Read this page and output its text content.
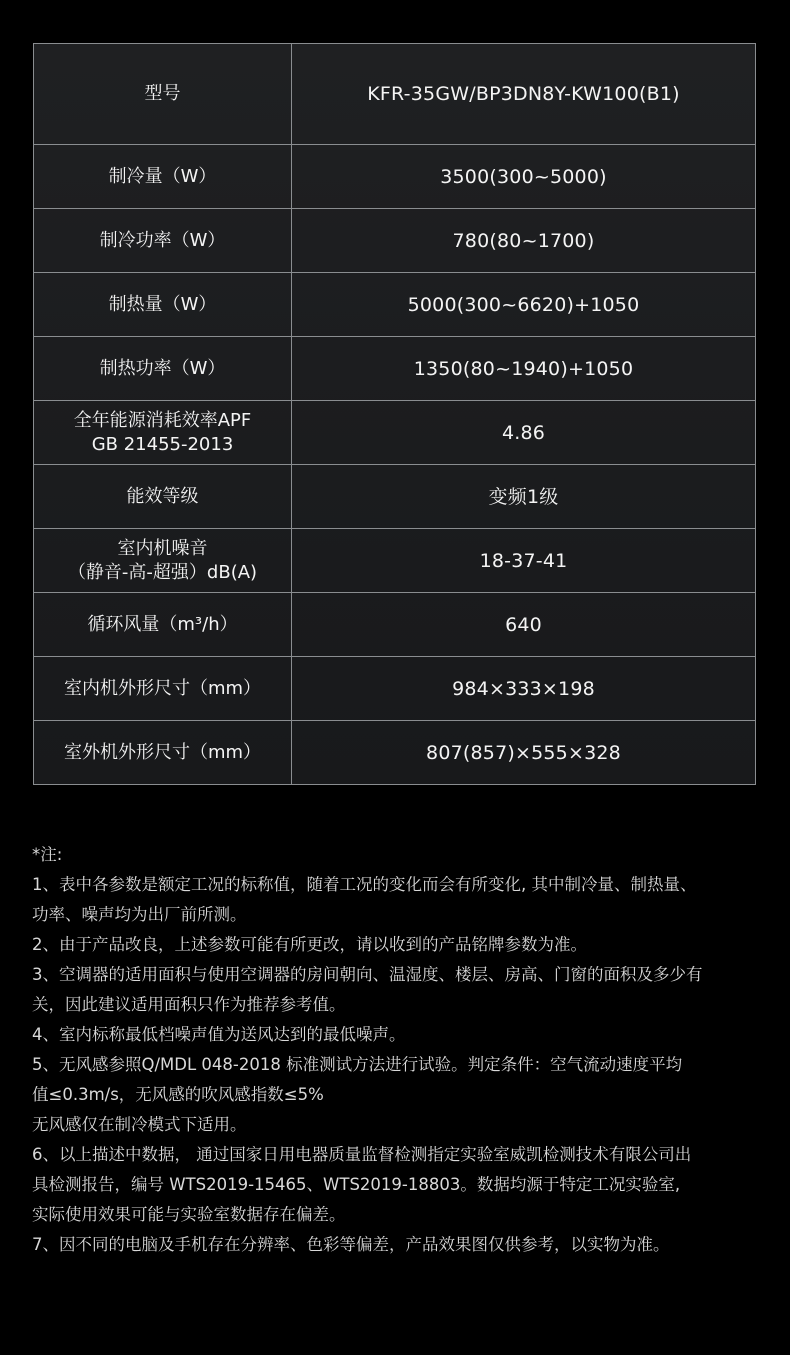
型号	KFR-35GW/BP3DN8Y-KW100(B1)

制冷量（W）	3500(300~5000)

制冷功率（W）	780(80~1700)

制热量（W）	5000(300~6620)+1050

制热功率（W）	1350(80~1940)+1050

全年能源消耗效率APF
GB 21455-2013	4.86

能效等级	变频1级

室内机噪音
（静音-高-超强）dB(A)	18-37-41

循环风量（m³/h）	640

室内机外形尺寸（mm）	984×333×198

室外机外形尺寸（mm）	807(857)×555×328

*注:

1、表中各参数是额定工况的标称值，随着工况的变化而会有所变化, 其中制冷量、制热量、

功率、噪声均为出厂前所测。

2、由于产品改良，上述参数可能有所更改，请以收到的产品铭牌参数为准。

3、空调器的适用面积与使用空调器的房间朝向、温湿度、楼层、房高、门窗的面积及多少有

关，因此建议适用面积只作为推荐参考值。

4、室内标称最低档噪声值为送风达到的最低噪声。

5、无风感参照Q/MDL 048-2018 标准测试方法进行试验。判定条件：空气流动速度平均

值≤0.3m/s，无风感的吹风感指数≤5%

无风感仅在制冷模式下适用。

6、以上描述中数据， 通过国家日用电器质量监督检测指定实验室威凯检测技术有限公司出

具检测报告，编号 WTS2019-15465、WTS2019-18803。数据均源于特定工况实验室,

实际使用效果可能与实验室数据存在偏差。

7、因不同的电脑及手机存在分辨率、色彩等偏差，产品效果图仅供参考，以实物为准。
